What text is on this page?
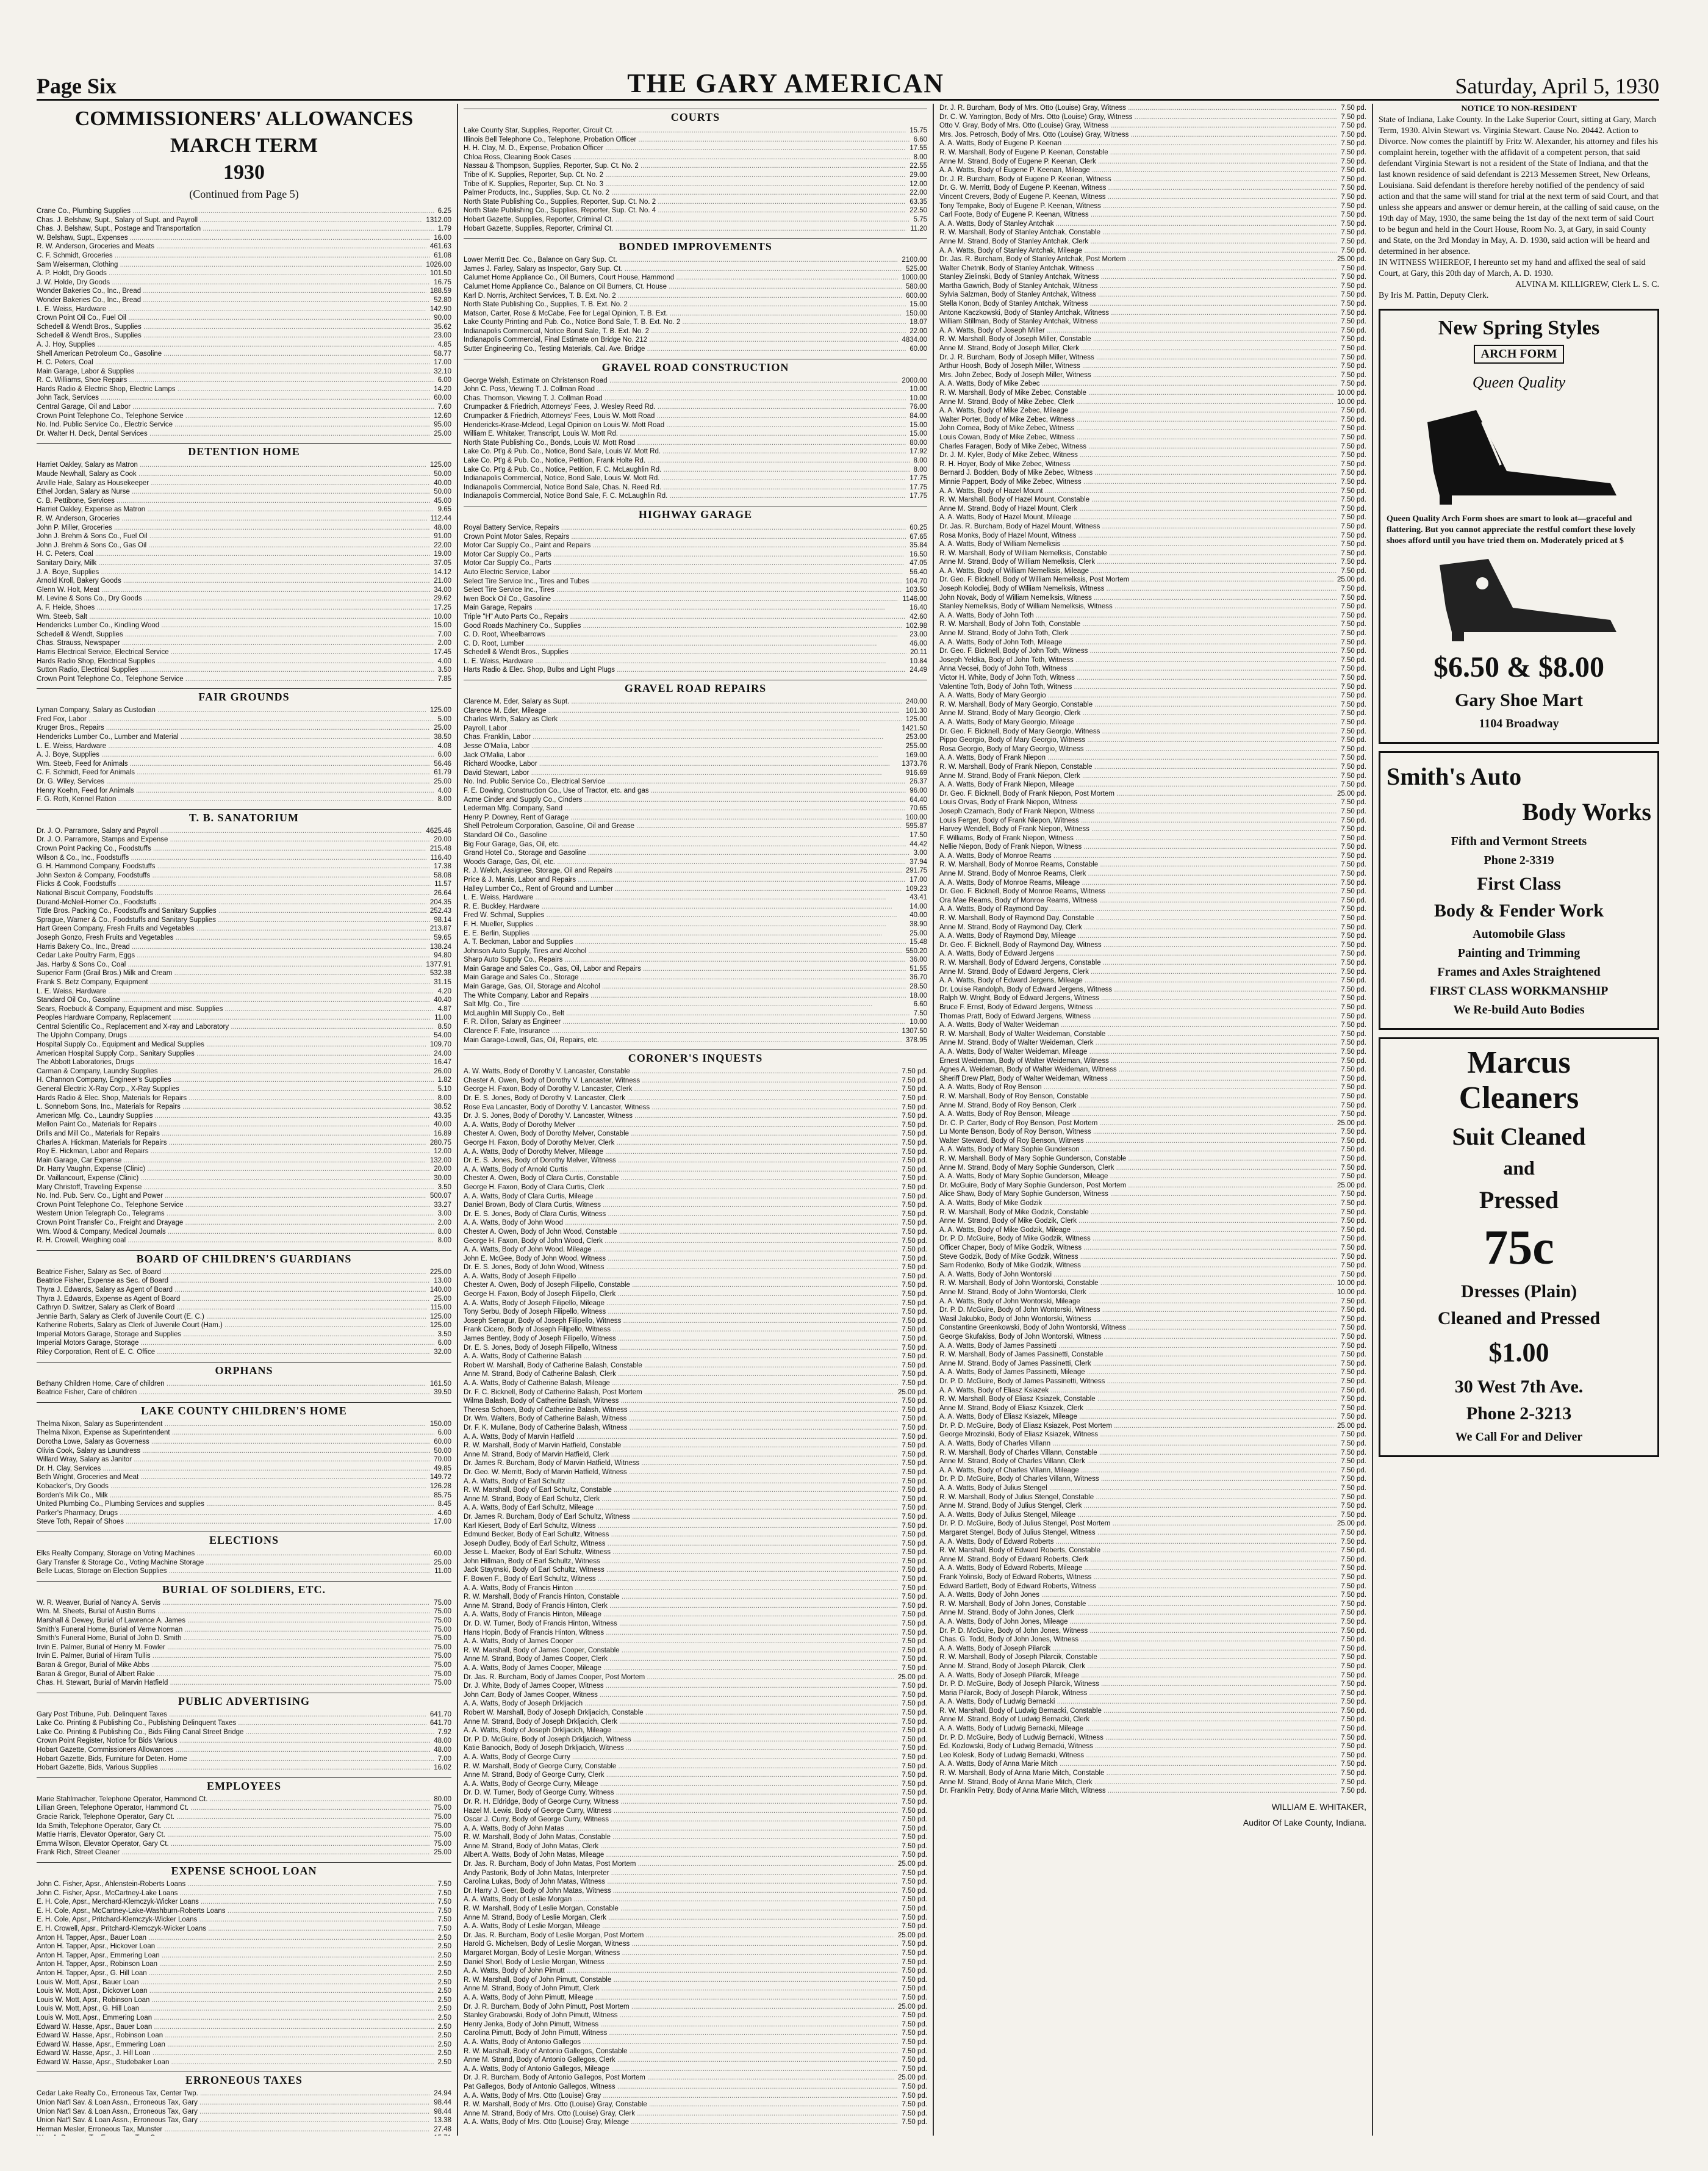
Page Six	THE GARY AMERICAN	Saturday, April 5, 1930
COMMISSIONERS' ALLOWANCES
MARCH TERM
1930
(Continued from Page 5)
Crane Co., Plumbing Supplies .....	6.25
Chas. J. Belshaw, Supt., Salary of Supt. and Payroll .....	1312.00
Chas. J. Belshaw, Supt., Postage and Transportation .....	1.79
W. Belshaw, Supt., Expenses .....	16.00
R. W. Anderson, Groceries and Meats .....	461.63
C. F. Schmidt, Groceries .....	61.08
Sam Weiserman, Clothing .....	1026.00
A. P. Holdt, Dry Goods .....	101.50
J. W. Holde, Dry Goods .....	16.75
Wonder Bakeries Co., Inc., Bread .....	188.59
Wonder Bakeries Co., Inc., Bread .....	52.80
L. E. Weiss, Hardware .....	142.90
Crown Point Oil Co., Fuel Oil .....	90.00
Schedell & Wendt Bros., Supplies .....	35.62
Schedell & Wendt Bros., Supplies .....	23.00
A. J. Hoy, Supplies .....	4.85
Shell American Petroleum Co., Gasoline .....	58.77
H. C. Peters, Coal .....	17.00
Main Garage, Labor & Supplies .....	32.10
R. C. Williams, Shoe Repairs .....	6.00
Hards Radio & Electric Shop, Electric Lamps .....	14.20
John Tack, Services .....	60.00
Central Garage, Oil and Labor .....	7.60
Crown Point Telephone Co., Telephone Service .....	12.60
No. Ind. Public Service Co., Electric Service .....	95.00
Dr. Walter H. Deck, Dental Services .....	25.00
DETENTION HOME
Harriet Oakley, Salary as Matron .....	125.00
Maude Newhall, Salary as Cook .....	50.00
Arville Hale, Salary as Housekeeper .....	40.00
Ethel Jordan, Salary as Nurse .....	50.00
C. B. Pettibone, Services .....	45.00
Harriet Oakley, Expense as Matron .....	9.65
R. W. Anderson, Groceries .....	112.44
John P. Miller, Groceries .....	48.00
John J. Brehm & Sons Co., Fuel Oil .....	91.00
John J. Brehm & Sons Co., Gas Oil .....	22.00
H. C. Peters, Coal .....	19.00
Sanitary Dairy, Milk .....	37.05
J. A. Boye, Supplies .....	14.12
Arnold Kroll, Bakery Goods .....	21.00
Glenn W. Holt, Meat .....	34.00
M. Levine & Sons Co., Dry Goods .....	29.62
A. F. Heide, Shoes .....	17.25
Wm. Steeb, Salt .....	10.00
Hendericks Lumber Co., Kindling Wood .....	15.00
Schedell & Wendt, Supplies .....	7.00
Chas. Strauss, Newspaper .....	2.00
Harris Electrical Service, Electrical Service .....	17.45
Hards Radio Shop, Electrical Supplies .....	4.00
Sutton Radio, Electrical Supplies .....	3.50
Crown Point Telephone Co., Telephone Service .....	7.85
FAIR GROUNDS
Lyman Company, Salary as Custodian .....	125.00
Fred Fox, Labor .....	5.00
Kruger Bros., Repairs .....	25.00
Hendericks Lumber Co., Lumber and Material .....	38.50
L. E. Weiss, Hardware .....	4.08
A. J. Boye, Supplies .....	6.00
Wm. Steeb, Feed for Animals .....	56.46
C. F. Schmidt, Feed for Animals .....	61.79
Dr. G. Wiley, Services .....	25.00
Henry Koehn, Feed for Animals .....	4.00
F. G. Roth, Kennel Ration .....	8.00
T. B. SANATORIUM
Dr. J. O. Parramore, Salary and Payroll .....	4625.46
Dr. J. O. Parramore, Stamps and Expense .....	20.00
Crown Point Packing Co., Foodstuffs .....	215.48
Wilson & Co., Inc., Foodstuffs .....	116.40
G. H. Hammond Company, Foodstuffs .....	17.38
John Sexton & Company, Foodstuffs .....	58.08
Flicks & Cook, Foodstuffs .....	11.57
National Biscuit Company, Foodstuffs .....	26.64
Durand-McNeil-Horner Co., Foodstuffs .....	204.35
Tittle Bros. Packing Co., Foodstuffs and Sanitary Supplies .....	252.43
Sprague, Warner & Co., Foodstuffs and Sanitary Supplies .....	98.14
Hart Green Company, Fresh Fruits and Vegetables .....	213.87
Joseph Gonzo, Fresh Fruits and Vegetables .....	59.65
Harris Bakery Co., Inc., Bread .....	138.24
Cedar Lake Poultry Farm, Eggs .....	94.80
Jas. Harby & Sons Co., Coal .....	1377.91
Superior Farm (Grail Bros.) Milk and Cream .....	532.38
Frank S. Betz Company, Equipment .....	31.15
L. E. Weiss, Hardware .....	4.20
Standard Oil Co., Gasoline .....	40.40
Sears, Roebuck & Company, Equipment and misc. Supplies .....	4.87
Peoples Hardware Company, Replacement .....	11.00
Central Scientific Co., Replacement and X-ray and Laboratory .....	8.50
The Upjohn Company, Drugs .....	54.00
Hospital Supply Co., Equipment and Medical Supplies .....	109.70
American Hospital Supply Corp., Sanitary Supplies .....	24.00
The Abbott Laboratories, Drugs .....	16.47
Carman & Company, Laundry Supplies .....	26.00
H. Channon Company, Engineer's Supplies .....	1.82
General Electric X-Ray Corp., X-Ray Supplies .....	5.10
Hards Radio & Elec. Shop, Materials for Repairs .....	8.00
L. Sonneborn Sons, Inc., Materials for Repairs .....	38.52
American Mfg. Co., Laundry Supplies .....	43.35
Mellon Paint Co., Materials for Repairs .....	40.00
Drills and Mill Co., Materials for Repairs .....	16.89
Charles A. Hickman, Materials for Repairs .....	280.75
Roy E. Hickman, Labor and Repairs .....	12.00
Main Garage, Car Expense .....	132.00
Dr. Harry Vaughn, Expense (Clinic) .....	20.00
Dr. Vaillancourt, Expense (Clinic) .....	30.00
Mary Christoff, Traveling Expense .....	3.50
No. Ind. Pub. Serv. Co., Light and Power .....	500.07
Crown Point Telephone Co., Telephone Service .....	33.27
Western Union Telegraph Co., Telegrams .....	3.00
Crown Point Transfer Co., Freight and Drayage .....	2.00
Wm. Wood & Company, Medical Journals .....	8.00
R. H. Crowell, Weighing coal .....	8.00
BOARD OF CHILDREN'S GUARDIANS
Beatrice Fisher, Salary as Sec. of Board .....	225.00
Beatrice Fisher, Expense as Sec. of Board .....	13.00
Thyra J. Edwards, Salary as Agent of Board .....	140.00
Thyra J. Edwards, Expense as Agent of Board .....	25.00
Cathryn D. Switzer, Salary as Clerk of Board .....	115.00
Jennie Barth, Salary as Clerk of Juvenile Court (E. C.) .....	125.00
Katherine Roberts, Salary as Clerk of Juvenile Court (Ham.) .....	125.00
Imperial Motors Garage, Storage and Supplies .....	3.50
Imperial Motors Garage, Storage .....	6.00
Riley Corporation, Rent of E. C. Office .....	32.00
ORPHANS
Bethany Children Home, Care of children .....	161.50
Beatrice Fisher, Care of children .....	39.50
LAKE COUNTY CHILDREN'S HOME
Thelma Nixon, Salary as Superintendent .....	150.00
Thelma Nixon, Expense as Superintendent .....	6.00
Dorotha Lowe, Salary as Governess .....	60.00
Olivia Cook, Salary as Laundress .....	50.00
Willard Wray, Salary as Janitor .....	70.00
Dr. H. Clay, Services .....	49.85
Beth Wright, Groceries and Meat .....	149.72
Kobacker's, Dry Goods .....	126.28
Borden's Milk Co., Milk .....	85.75
United Plumbing Co., Plumbing Services and supplies .....	8.45
Parker's Pharmacy, Drugs .....	4.60
Steve Toth, Repair of Shoes .....	17.00
ELECTIONS
Elks Realty Company, Storage on Voting Machines .....	60.00
Gary Transfer & Storage Co., Voting Machine Storage .....	25.00
Belle Lucas, Storage on Election Supplies .....	11.00
BURIAL OF SOLDIERS, ETC.
W. R. Weaver, Burial of Nancy A. Servis .....	75.00
Wm. M. Sheets, Burial of Austin Burns .....	75.00
Marshall & Dewey, Burial of Lawrence A. James .....	75.00
Smith's Funeral Home, Burial of Verne Norman .....	75.00
Smith's Funeral Home, Burial of John D. Smith .....	75.00
Irvin E. Palmer, Burial of Henry M. Fowler .....	75.00
Irvin E. Palmer, Burial of Hiram Tullis .....	75.00
Baran & Gregor, Burial of Mike Abbs .....	75.00
Baran & Gregor, Burial of Albert Rakie .....	75.00
Chas. H. Stewart, Burial of Marvin Hatfield .....	75.00
PUBLIC ADVERTISING
Gary Post Tribune, Pub. Delinquent Taxes .....	641.70
Lake Co. Printing & Publishing Co., Publishing Delinquent Taxes .....	641.70
Lake Co. Printing & Publishing Co., Bids Filing Canal Street Bridge .....	7.92
Crown Point Register, Notice for Bids Various .....	48.00
Hobart Gazette, Commissioners Allowances .....	48.00
Hobart Gazette, Bids, Furniture for Deten. Home .....	7.00
Hobart Gazette, Bids, Various Supplies .....	16.02
EMPLOYEES
Marie Stahlmacher, Telephone Operator, Hammond Ct. .....	80.00
Lillian Green, Telephone Operator, Hammond Ct. .....	75.00
Gracie Rarick, Telephone Operator, Gary Ct. .....	75.00
Ida Smith, Telephone Operator, Gary Ct. .....	75.00
Mattie Harris, Elevator Operator, Gary Ct. .....	75.00
Emma Wilson, Elevator Operator, Gary Ct. .....	75.00
Frank Rich, Street Cleaner .....	25.00
EXPENSE SCHOOL LOAN
John C. Fisher, Apsr., Ahlenstein-Roberts Loans .....	7.50
John C. Fisher, Apsr., McCartney-Lake Loans .....	7.50
E. H. Cole, Apsr., Merchard-Klemczyk-Wicker Loans .....	7.50
E. H. Cole, Apsr., McCartney-Lake-Washburn-Roberts Loans .....	7.50
E. H. Cole, Apsr., Pritchard-Klemczyk-Wicker Loans .....	7.50
E. H. Crowell, Apsr., Pritchard-Klemczyk-Wicker Loans .....	7.50
Anton H. Tapper, Apsr., Bauer Loan .....	2.50
Anton H. Tapper, Apsr., Hickover Loan .....	2.50
Anton H. Tapper, Apsr., Emmering Loan .....	2.50
Anton H. Tapper, Apsr., Robinson Loan .....	2.50
Anton H. Tapper, Apsr., G. Hill Loan .....	2.50
Louis W. Mott, Apsr., Bauer Loan .....	2.50
Louis W. Mott, Apsr., Dickover Loan .....	2.50
Louis W. Mott, Apsr., Robinson Loan .....	2.50
Louis W. Mott, Apsr., G. Hill Loan .....	2.50
Louis W. Mott, Apsr., Emmering Loan .....	2.50
Edward W. Hasse, Apsr., Bauer Loan .....	2.50
Edward W. Hasse, Apsr., Robinson Loan .....	2.50
Edward W. Hasse, Apsr., Emmering Loan .....	2.50
Edward W. Hasse, Apsr., J. Hill Loan .....	2.50
Edward W. Hasse, Apsr., Studebaker Loan .....	2.50
ERRONEOUS TAXES
Cedar Lake Realty Co., Erroneous Tax, Center Twp. .....	24.94
Union Nat'l Sav. & Loan Assn., Erroneous Tax, Gary .....	98.44
Union Nat'l Sav. & Loan Assn., Erroneous Tax, Gary .....	98.44
Union Nat'l Sav. & Loan Assn., Erroneous Tax, Gary .....	13.38
Herman Mesler, Erroneous Tax, Munster .....	27.48
.....
COURTS
Lake County Star, Supplies, Reporter, Circuit Ct. .....	15.75
Illinois Bell Telephone Co., Telephone, Probation Officer .....	6.60
H. H. Clay, M. D., Expense, Probation Officer .....	17.55
Chloa Ross, Cleaning Book Cases .....	8.00
Nassau & Thompson, Supplies, Reporter, Sup. Ct. No. 2 .....	22.55
Tribe of K. Supplies, Reporter, Sup. Ct. No. 2 .....	29.00
Tribe of K. Supplies, Reporter, Sup. Ct. No. 3 .....	12.00
Palmer Products, Inc., Supplies, Sup. Ct. No. 2 .....	22.00
North State Publishing Co., Supplies, Reporter, Sup. Ct. No. 2 .....	63.35
North State Publishing Co., Supplies, Reporter, Sup. Ct. No. 4 .....	22.50
Hobart Gazette, Supplies, Reporter, Criminal Ct. .....	5.75
Hobart Gazette, Supplies, Reporter, Criminal Ct. .....	11.20
BONDED IMPROVEMENTS
Lower Merritt Dec. Co., Balance on Gary Sup. Ct. .....	2100.00
James J. Farley, Salary as Inspector, Gary Sup. Ct. .....	525.00
Calumet Home Appliance Co., Oil Burners, Court House, Hammond .....	1000.00
Calumet Home Appliance Co., Balance on Oil Burners, Ct. House .....	580.00
Karl D. Norris, Architect Services, T. B. Ext. No. 2 .....	600.00
North State Publishing Co., Supplies, T. B. Ext. No. 2 .....	15.00
Matson, Carter, Rose & McCabe, Fee for Legal Opinion, T. B. Ext. .....	150.00
Lake County Printing and Pub. Co., Notice Bond Sale, T. B. Ext. No. 2 .....	18.07
Indianapolis Commercial, Notice Bond Sale, T. B. Ext. No. 2 .....	22.00
Indianapolis Commercial, Final Estimate on Bridge No. 212 .....	4834.00
Sutter Engineering Co., Testing Materials, Cal. Ave. Bridge .....	60.00
GRAVEL ROAD CONSTRUCTION
George Welsh, Estimate on Christenson Road .....	2000.00
John C. Poss, Viewing T. J. Collman Road .....	10.00
Chas. Thomson, Viewing T. J. Collman Road .....	10.00
Crumpacker & Friedrich, Attorneys' Fees, J. Wesley Reed Rd. .....	76.00
Crumpacker & Friedrich, Attorneys' Fees, Louis W. Mott Road .....	84.00
Hendericks-Krase-Mcleod, Legal Opinion on Louis W. Mott Road .....	15.00
William E. Whitaker, Transcript, Louis W. Mott Rd. .....	15.00
North State Publishing Co., Bonds, Louis W. Mott Road .....	80.00
Lake Co. Pt'g & Pub. Co., Notice, Bond Sale, Louis W. Mott Rd. .....	17.92
Lake Co. Pt'g & Pub. Co., Notice, Petition, Frank Holte Rd. .....	8.00
Lake Co. Pt'g & Pub. Co., Notice, Petition, F. C. McLaughlin Rd. .....	8.00
Indianapolis Commercial, Notice, Bond Sale, Louis W. Mott Rd. .....	17.75
Indianapolis Commercial, Notice Bond Sale, Chas. N. Reed Rd. .....	17.75
Indianapolis Commercial, Notice Bond Sale, F. C. McLaughlin Rd. .....	17.75
HIGHWAY GARAGE
Royal Battery Service, Repairs .....	60.25
Crown Point Motor Sales, Repairs .....	67.65
Motor Car Supply Co., Paint and Repairs .....	35.84
Motor Car Supply Co., Parts .....	16.50
Motor Car Supply Co., Parts .....	47.05
Auto Electric Service, Labor .....	56.40
Select Tire Service Inc., Tires and Tubes .....	104.70
Select Tire Service Inc., Tires .....	103.50
Iwen Bock Oil Co., Gasoline .....	1146.00
Main Garage, Repairs .....	16.40
Triple "H" Auto Parts Co., Repairs .....	42.60
Good Roads Machinery Co., Supplies .....	102.98
C. D. Root, Wheelbarrows .....	23.00
C. D. Root, Lumber .....	46.00
Schedell & Wendt Bros., Supplies .....	20.11
L. E. Weiss, Hardware .....	10.84
Harts Radio & Elec. Shop, Bulbs and Light Plugs .....	24.49
GRAVEL ROAD REPAIRS
Clarence M. Eder, Salary as Supt. .....	240.00
Clarence M. Eder, Mileage .....	101.30
Charles Wirth, Salary as Clerk .....	125.00
Payroll, Labor .....	1421.50
Chas. Franklin, Labor .....	253.00
Jesse O'Malia, Labor .....	255.00
Jack O'Malia, Labor .....	169.00
Richard Woodke, Labor .....	1373.76
David Stewart, Labor .....	916.69
No. Ind. Public Service Co., Electrical Service .....	26.37
F. E. Dowing, Construction Co., Use of Tractor, etc. and gas .....	96.00
Acme Cinder and Supply Co., Cinders .....	64.40
Lederman Mfg. Company, Sand .....	70.65
Henry P. Downey, Rent of Garage .....	100.00
Shell Petroleum Corporation, Gasoline, Oil and Grease .....	595.87
Standard Oil Co., Gasoline .....	17.50
Big Four Garage, Gas, Oil, etc. .....	44.42
Grand Hotel Co., Storage and Gasoline .....	3.00
Woods Garage, Gas, Oil, etc. .....	37.94
R. J. Welch, Assignee, Storage, Oil and Repairs .....	291.75
Price & J. Manis, Labor and Repairs .....	17.00
Halley Lumber Co., Rent of Ground and Lumber .....	109.23
L. E. Weiss, Hardware .....	43.41
R. E. Buckley, Hardware .....	14.00
Fred W. Schmal, Supplies .....	40.00
F. H. Mueller, Supplies .....	38.90
E. E. Berlin, Supplies .....	25.00
A. T. Beckman, Labor and Supplies .....	15.48
Johnson Auto Supply, Tires and Alcohol .....	550.20
Sharp Auto Supply Co., Repairs .....	36.00
Main Garage and Sales Co., Gas, Oil, Labor and Repairs .....	51.55
Main Garage and Sales Co., Storage .....	36.70
Main Garage, Gas, Oil, Storage and Alcohol .....	28.50
The White Company, Labor and Repairs .....	18.00
Salt Mfg. Co., Tire .....	6.60
McLaughlin Mill Supply Co., Belt .....	7.50
F. R. Dillon, Salary as Engineer .....	10.00
Clarence F. Fate, Insurance .....	1307.50
Main Garage-Lowell, Gas, Oil, Repairs, etc. .....	378.95
CORONER'S INQUESTS
A. W. Watts, Body of Dorothy V. Lancaster, Constable .....	7.50 pd.
Chester A. Owen, Body of Dorothy V. Lancaster, Witness .....	7.50 pd.
George H. Faxon, Body of Dorothy V. Lancaster, Clerk .....	7.50 pd.
Dr. E. S. Jones, Body of Dorothy V. Lancaster, Clerk .....	7.50 pd.
Rose Eva Lancaster, Body of Dorothy V. Lancaster, Witness .....	7.50 pd.
Dr. J. S. Jones, Body of Dorothy V. Lancaster, Witness .....	7.50 pd.
A. A. Watts, Body of Dorothy Melver .....	7.50 pd.
Chester A. Owen, Body of Dorothy Melver, Constable .....	7.50 pd.
George H. Faxon, Body of Dorothy Melver, Clerk .....	7.50 pd.
A. A. Watts, Body of Dorothy Melver, Mileage .....	7.50 pd.
Dr. E. S. Jones, Body of Dorothy Melver, Witness .....	7.50 pd.
A. A. Watts, Body of Arnold Curtis .....	7.50 pd.
Chester A. Owen, Body of Clara Curtis, Constable .....	7.50 pd.
George H. Faxon, Body of Clara Curtis, Clerk .....	7.50 pd.
A. A. Watts, Body of Clara Curtis, Mileage .....	7.50 pd.
Daniel Brown, Body of Clara Curtis, Witness .....	7.50 pd.
Dr. E. S. Jones, Body of Clara Curtis, Witness .....	7.50 pd.
A. A. Watts, Body of John Wood .....	7.50 pd.
Chester A. Owen, Body of John Wood, Constable .....	7.50 pd.
George H. Faxon, Body of John Wood, Clerk .....	7.50 pd.
A. A. Watts, Body of John Wood, Mileage .....	7.50 pd.
John E. McGee, Body of John Wood, Witness .....	7.50 pd.
Dr. E. S. Jones, Body of John Wood, Witness .....	7.50 pd.
A. A. Watts, Body of Joseph Filipello .....	7.50 pd.
Chester A. Owen, Body of Joseph Filipello, Constable .....	7.50 pd.
George H. Faxon, Body of Joseph Filipello, Clerk .....	7.50 pd.
A. A. Watts, Body of Joseph Filipello, Mileage .....	7.50 pd.
Tony Serbu, Body of Joseph Filipello, Witness .....	7.50 pd.
Joseph Senagur, Body of Joseph Filipello, Witness .....	7.50 pd.
Frank Cicero, Body of Joseph Filipello, Witness .....	7.50 pd.
James Bentley, Body of Joseph Filipello, Witness .....	7.50 pd.
Dr. E. S. Jones, Body of Joseph Filipello, Witness .....	7.50 pd.
A. A. Watts, Body of Catherine Balash .....	7.50 pd.
Robert W. Marshall, Body of Catherine Balash, Constable .....	7.50 pd.
Anne M. Strand, Body of Catherine Balash, Clerk .....	7.50 pd.
A. A. Watts, Body of Catherine Balash, Mileage .....	7.50 pd.
Dr. F. C. Bicknell, Body of Catherine Balash, Post Mortem .....	25.00 pd.
Wilma Balash, Body of Catherine Balash, Witness .....	7.50 pd.
Theresa Schoen, Body of Catherine Balash, Witness .....	7.50 pd.
Dr. Wm. Walters, Body of Catherine Balash, Witness .....	7.50 pd.
Dr. F. K. Mullane, Body of Catherine Balash, Witness .....	7.50 pd.
A. A. Watts, Body of Marvin Hatfield .....	7.50 pd.
R. W. Marshall, Body of Marvin Hatfield, Constable .....	7.50 pd.
Anne M. Strand, Body of Marvin Hatfield, Clerk .....	7.50 pd.
Dr. James R. Burcham, Body of Marvin Hatfield, Witness .....	7.50 pd.
Dr. Geo. W. Merritt, Body of Marvin Hatfield, Witness .....	7.50 pd.
A. A. Watts, Body of Earl Schultz .....	7.50 pd.
R. W. Marshall, Body of Earl Schultz, Constable .....	7.50 pd.
Anne M. Strand, Body of Earl Schultz, Clerk .....	7.50 pd.
A. A. Watts, Body of Earl Schultz, Mileage .....	7.50 pd.
Dr. James R. Burcham, Body of Earl Schultz, Witness .....	7.50 pd.
Karl Kiesert, Body of Earl Schultz, Witness .....	7.50 pd.
Edmund Becker, Body of Earl Schultz, Witness .....	7.50 pd.
Joseph Dudley, Body of Earl Schultz, Witness .....	7.50 pd.
Jesse L. Maeker, Body of Earl Schultz, Witness .....	7.50 pd.
John Hillman, Body of Earl Schultz, Witness .....	7.50 pd.
Jack Staytnski, Body of Earl Schultz, Witness .....	7.50 pd.
F. Bowen F., Body of Earl Schultz, Witness .....	7.50 pd.
A. A. Watts, Body of Francis Hinton .....	7.50 pd.
R. W. Marshall, Body of Francis Hinton, Constable .....	7.50 pd.
Anne M. Strand, Body of Francis Hinton, Clerk .....	7.50 pd.
A. A. Watts, Body of Francis Hinton, Mileage .....	7.50 pd.
Dr. D. W. Turner, Body of Francis Hinton, Witness .....	7.50 pd.
Hans Hopin, Body of Francis Hinton, Witness .....	7.50 pd.
A. A. Watts, Body of James Cooper .....	7.50 pd.
R. W. Marshall, Body of James Cooper, Constable .....	7.50 pd.
Anne M. Strand, Body of James Cooper, Clerk .....	7.50 pd.
A. A. Watts, Body of James Cooper, Mileage .....	7.50 pd.
Dr. Jas. R. Burcham, Body of James Cooper, Post Mortem .....	25.00 pd.
Dr. J. White, Body of James Cooper, Witness .....	7.50 pd.
John Carr, Body of James Cooper, Witness .....	7.50 pd.
A. A. Watts, Body of Joseph Drkljacich .....	7.50 pd.
Robert W. Marshall, Body of Joseph Drkljacich, Constable .....	7.50 pd.
Anne M. Strand, Body of Joseph Drkljacich, Clerk .....	7.50 pd.
A. A. Watts, Body of Joseph Drkljacich, Mileage .....	7.50 pd.
Dr. P. D. McGuire, Body of Joseph Drkljacich, Witness .....	7.50 pd.
Katie Banocich, Body of Joseph Drkljacich, Witness .....	7.50 pd.
A. A. Watts, Body of George Curry .....	7.50 pd.
R. W. Marshall, Body of George Curry, Constable .....	7.50 pd.
Anne M. Strand, Body of George Curry, Clerk .....	7.50 pd.
A. A. Watts, Body of George Curry, Mileage .....	7.50 pd.
Dr. D. W. Turner, Body of George Curry, Witness .....	7.50 pd.
Dr. R. H. Eldridge, Body of George Curry, Witness .....	7.50 pd.
Hazel M. Lewis, Body of George Curry, Witness .....	7.50 pd.
Oscar J. Curry, Body of George Curry, Witness .....	7.50 pd.
A. A. Watts, Body of John Matas .....	7.50 pd.
R. W. Marshall, Body of John Matas, Constable .....	7.50 pd.
Anne M. Strand, Body of John Matas, Clerk .....	7.50 pd.
Albert A. Watts, Body of John Matas, Mileage .....	7.50 pd.
Dr. Jas. R. Burcham, Body of John Matas, Post Mortem .....	25.00 pd.
Andy Pastorik, Body of John Matas, Interpreter .....	7.50 pd.
Carolina Lukas, Body of John Matas, Witness .....	7.50 pd.
Dr. Harry J. Geer, Body of John Matas, Witness .....	7.50 pd.
A. A. Watts, Body of Leslie Morgan .....	7.50 pd.
R. W. Marshall, Body of Leslie Morgan, Constable .....	7.50 pd.
Anne M. Strand, Body of Leslie Morgan, Clerk .....	7.50 pd.
A. A. Watts, Body of Leslie Morgan, Mileage .....	7.50 pd.
Dr. Jas. R. Burcham, Body of Leslie Morgan, Post Mortem .....	25.00 pd.
Harold G. Michelsen, Body of Leslie Morgan, Witness .....	7.50 pd.
Margaret Morgan, Body of Leslie Morgan, Witness .....	7.50 pd.
Daniel Shorl, Body of Leslie Morgan, Witness .....	7.50 pd.
A. A. Watts, Body of John Pimutt .....	7.50 pd.
R. W. Marshall, Body of John Pimutt, Constable .....	7.50 pd.
Anne M. Strand, Body of John Pimutt, Clerk .....	7.50 pd.
A. A. Watts, Body of John Pimutt, Mileage .....	7.50 pd.
Dr. J. R. Burcham, Body of John Pimutt, Post Mortem .....	25.00 pd.
Stanley Grabowski, Body of John Pimutt, Witness .....	7.50 pd.
Henry Jenka, Body of John Pimutt, Witness .....	7.50 pd.
Carolina Pimutt, Body of John Pimutt, Witness .....	7.50 pd.
A. A. Watts, Body of Antonio Gallegos .....	7.50 pd.
R. W. Marshall, Body of Antonio Gallegos, Constable .....	7.50 pd.
Anne M. Strand, Body of Antonio Gallegos, Clerk .....	7.50 pd.
A. A. Watts, Body of Antonio Gallegos, Mileage .....	7.50 pd.
Dr. J. R. Burcham, Body of Antonio Gallegos, Post Mortem .....	25.00 pd.
Pat Gallegos, Body of Antonio Gallegos, Witness .....	7.50 pd.
A. A. Watts, Body of Mrs. Otto (Louise) Gray .....	7.50 pd.
R. W. Marshall, Body of Mrs. Otto (Louise) Gray, Constable .....	7.50 pd.
Anne M. Strand, Body of Mrs. Otto (Louise) Gray, Clerk .....	7.50 pd.
A. A. Watts, Body of Mrs. Otto (Louise) Gray, Mileage .....	7.50 pd.
Dr. J. R. Burcham, Body of Mrs. Otto (Louise) Gray, Witness .....	7.50 pd.
Dr. C. W. Yarrington, Body of Mrs. Otto (Louise) Gray, Witness .....	7.50 pd.
Otto V. Gray, Body of Mrs. Otto (Louise) Gray, Witness .....	7.50 pd.
Mrs. Jos. Petrosch, Body of Mrs. Otto (Louise) Gray, Witness .....	7.50 pd.
A. A. Watts, Body of Eugene P. Keenan .....	7.50 pd.
R. W. Marshall, Body of Eugene P. Keenan, Constable .....	7.50 pd.
Anne M. Strand, Body of Eugene P. Keenan, Clerk .....	7.50 pd.
A. A. Watts, Body of Eugene P. Keenan, Mileage .....	7.50 pd.
Dr. J. R. Burcham, Body of Eugene P. Keenan, Witness .....	7.50 pd.
Dr. G. W. Merritt, Body of Eugene P. Keenan, Witness .....	7.50 pd.
Vincent Crevers, Body of Eugene P. Keenan, Witness .....	7.50 pd.
Tony Tempake, Body of Eugene P. Keenan, Witness .....	7.50 pd.
Carl Foote, Body of Eugene P. Keenan, Witness .....	7.50 pd.
A. A. Watts, Body of Stanley Antchak .....	7.50 pd.
R. W. Marshall, Body of Stanley Antchak, Constable .....	7.50 pd.
Anne M. Strand, Body of Stanley Antchak, Clerk .....	7.50 pd.
A. A. Watts, Body of Stanley Antchak, Mileage .....	7.50 pd.
Dr. Jas. R. Burcham, Body of Stanley Antchak, Post Mortem .....	25.00 pd.
Walter Chetnik, Body of Stanley Antchak, Witness .....	7.50 pd.
Stanley Zielinski, Body of Stanley Antchak, Witness .....	7.50 pd.
Martha Gawrich, Body of Stanley Antchak, Witness .....	7.50 pd.
Sylvia Salzman, Body of Stanley Antchak, Witness .....	7.50 pd.
Stella Konon, Body of Stanley Antchak, Witness .....	7.50 pd.
Antone Kaczkowski, Body of Stanley Antchak, Witness .....	7.50 pd.
William Stillman, Body of Stanley Antchak, Witness .....	7.50 pd.
A. A. Watts, Body of Joseph Miller .....	7.50 pd.
R. W. Marshall, Body of Joseph Miller, Constable .....	7.50 pd.
Anne M. Strand, Body of Joseph Miller, Clerk .....	7.50 pd.
Dr. J. R. Burcham, Body of Joseph Miller, Witness .....	7.50 pd.
Arthur Hoosh, Body of Joseph Miller, Witness .....	7.50 pd.
Mrs. John Zebec, Body of Joseph Miller, Witness .....	7.50 pd.
A. A. Watts, Body of Mike Zebec .....	7.50 pd.
R. W. Marshall, Body of Mike Zebec, Constable .....	10.00 pd.
Anne M. Strand, Body of Mike Zebec, Clerk .....	10.00 pd.
A. A. Watts, Body of Mike Zebec, Mileage .....	7.50 pd.
Walter Porter, Body of Mike Zebec, Witness .....	7.50 pd.
John Cornea, Body of Mike Zebec, Witness .....	7.50 pd.
Louis Cowan, Body of Mike Zebec, Witness .....	7.50 pd.
Charles Faragen, Body of Mike Zebec, Witness .....	7.50 pd.
Dr. J. M. Kyler, Body of Mike Zebec, Witness .....	7.50 pd.
R. H. Hoyer, Body of Mike Zebec, Witness .....	7.50 pd.
Bernard J. Bodden, Body of Mike Zebec, Witness .....	7.50 pd.
Minnie Pappert, Body of Mike Zebec, Witness .....	7.50 pd.
A. A. Watts, Body of Hazel Mount .....	7.50 pd.
R. W. Marshall, Body of Hazel Mount, Constable .....	7.50 pd.
Anne M. Strand, Body of Hazel Mount, Clerk .....	7.50 pd.
A. A. Watts, Body of Hazel Mount, Mileage .....	7.50 pd.
Dr. Jas. R. Burcham, Body of Hazel Mount, Witness .....	7.50 pd.
Rosa Monks, Body of Hazel Mount, Witness .....	7.50 pd.
A. A. Watts, Body of William Nemelksis .....	7.50 pd.
R. W. Marshall, Body of William Nemelksis, Constable .....	7.50 pd.
Anne M. Strand, Body of William Nemelksis, Clerk .....	7.50 pd.
A. A. Watts, Body of William Nemelksis, Mileage .....	7.50 pd.
Dr. Geo. F. Bicknell, Body of William Nemelksis, Post Mortem .....	25.00 pd.
Joseph Kolodiej, Body of William Nemelksis, Witness .....	7.50 pd.
John Novak, Body of William Nemelksis, Witness .....	7.50 pd.
Stanley Nemelksis, Body of William Nemelksis, Witness .....	7.50 pd.
A. A. Watts, Body of John Toth .....	7.50 pd.
R. W. Marshall, Body of John Toth, Constable .....	7.50 pd.
Anne M. Strand, Body of John Toth, Clerk .....	7.50 pd.
A. A. Watts, Body of John Toth, Mileage .....	7.50 pd.
Dr. Geo. F. Bicknell, Body of John Toth, Witness .....	7.50 pd.
Joseph Yeldka, Body of John Toth, Witness .....	7.50 pd.
Anna Vecsei, Body of John Toth, Witness .....	7.50 pd.
Victor H. White, Body of John Toth, Witness .....	7.50 pd.
Valentine Toth, Body of John Toth, Witness .....	7.50 pd.
A. A. Watts, Body of Mary Georgio .....	7.50 pd.
R. W. Marshall, Body of Mary Georgio, Constable .....	7.50 pd.
Anne M. Strand, Body of Mary Georgio, Clerk .....	7.50 pd.
A. A. Watts, Body of Mary Georgio, Mileage .....	7.50 pd.
Dr. Geo. F. Bicknell, Body of Mary Georgio, Witness .....	7.50 pd.
Pippo Georgio, Body of Mary Georgio, Witness .....	7.50 pd.
Rosa Georgio, Body of Mary Georgio, Witness .....	7.50 pd.
A. A. Watts, Body of Frank Niepon .....	7.50 pd.
R. W. Marshall, Body of Frank Niepon, Constable .....	7.50 pd.
Anne M. Strand, Body of Frank Niepon, Clerk .....	7.50 pd.
A. A. Watts, Body of Frank Niepon, Mileage .....	7.50 pd.
Dr. Geo. F. Bicknell, Body of Frank Niepon, Post Mortem .....	25.00 pd.
Louis Orvas, Body of Frank Niepon, Witness .....	7.50 pd.
Joseph Czarnach, Body of Frank Niepon, Witness .....	7.50 pd.
Louis Ferger, Body of Frank Niepon, Witness .....	7.50 pd.
Harvey Wendell, Body of Frank Niepon, Witness .....	7.50 pd.
F. Williams, Body of Frank Niepon, Witness .....	7.50 pd.
Nellie Niepon, Body of Frank Niepon, Witness .....	7.50 pd.
A. A. Watts, Body of Monroe Reams .....	7.50 pd.
R. W. Marshall, Body of Monroe Reams, Constable .....	7.50 pd.
Anne M. Strand, Body of Monroe Reams, Clerk .....	7.50 pd.
A. A. Watts, Body of Monroe Reams, Mileage .....	7.50 pd.
Dr. Geo. F. Bicknell, Body of Monroe Reams, Witness .....	7.50 pd.
Ora Mae Reams, Body of Monroe Reams, Witness .....	7.50 pd.
A. A. Watts, Body of Raymond Day .....	7.50 pd.
R. W. Marshall, Body of Raymond Day, Constable .....	7.50 pd.
Anne M. Strand, Body of Raymond Day, Clerk .....	7.50 pd.
A. A. Watts, Body of Raymond Day, Mileage .....	7.50 pd.
Dr. Geo. F. Bicknell, Body of Raymond Day, Witness .....	7.50 pd.
A. A. Watts, Body of Edward Jergens .....	7.50 pd.
R. W. Marshall, Body of Edward Jergens, Constable .....	7.50 pd.
Anne M. Strand, Body of Edward Jergens, Clerk .....	7.50 pd.
A. A. Watts, Body of Edward Jergens, Mileage .....	7.50 pd.
Dr. Louise Randolph, Body of Edward Jergens, Witness .....	7.50 pd.
Ralph W. Wright, Body of Edward Jergens, Witness .....	7.50 pd.
Bruce F. Ernst, Body of Edward Jergens, Witness .....	7.50 pd.
Thomas Pratt, Body of Edward Jergens, Witness .....	7.50 pd.
A. A. Watts, Body of Walter Weideman .....	7.50 pd.
R. W. Marshall, Body of Walter Weideman, Constable .....	7.50 pd.
Anne M. Strand, Body of Walter Weideman, Clerk .....	7.50 pd.
A. A. Watts, Body of Walter Weideman, Mileage .....	7.50 pd.
Ernest Weideman, Body of Walter Weideman, Witness .....	7.50 pd.
Agnes A. Weideman, Body of Walter Weideman, Witness .....	7.50 pd.
Sheriff Drew Platt, Body of Walter Weideman, Witness .....	7.50 pd.
A. A. Watts, Body of Roy Benson .....	7.50 pd.
R. W. Marshall, Body of Roy Benson, Constable .....	7.50 pd.
Anne M. Strand, Body of Roy Benson, Clerk .....	7.50 pd.
A. A. Watts, Body of Roy Benson, Mileage .....	7.50 pd.
Dr. C. P. Carter, Body of Roy Benson, Post Mortem .....	25.00 pd.
Lu Monte Benson, Body of Roy Benson, Witness .....	7.50 pd.
Walter Steward, Body of Roy Benson, Witness .....	7.50 pd.
A. A. Watts, Body of Mary Sophie Gunderson .....	7.50 pd.
R. W. Marshall, Body of Mary Sophie Gunderson, Constable .....	7.50 pd.
Anne M. Strand, Body of Mary Sophie Gunderson, Clerk .....	7.50 pd.
A. A. Watts, Body of Mary Sophie Gunderson, Mileage .....	7.50 pd.
Dr. McGuire, Body of Mary Sophie Gunderson, Post Mortem .....	25.00 pd.
Alice Shaw, Body of Mary Sophie Gunderson, Witness .....	7.50 pd.
A. A. Watts, Body of Mike Godzik .....	7.50 pd.
R. W. Marshall, Body of Mike Godzik, Constable .....	7.50 pd.
Anne M. Strand, Body of Mike Godzik, Clerk .....	7.50 pd.
A. A. Watts, Body of Mike Godzik, Mileage .....	7.50 pd.
Dr. P. D. McGuire, Body of Mike Godzik, Witness .....	7.50 pd.
Officer Chaper, Body of Mike Godzik, Witness .....	7.50 pd.
Steve Godzik, Body of Mike Godzik, Witness .....	7.50 pd.
Sam Rodenko, Body of Mike Godzik, Witness .....	7.50 pd.
A. A. Watts, Body of John Wontorski .....	7.50 pd.
R. W. Marshall, Body of John Wontorski, Constable .....	10.00 pd.
Anne M. Strand, Body of John Wontorski, Clerk .....	10.00 pd.
A. A. Watts, Body of John Wontorski, Mileage .....	7.50 pd.
Dr. P. D. McGuire, Body of John Wontorski, Witness .....	7.50 pd.
Wasil Jakubko, Body of John Wontorski, Witness .....	7.50 pd.
Constantine Greenkowski, Body of John Wontorski, Witness .....	7.50 pd.
George Skufakiss, Body of John Wontorski, Witness .....	7.50 pd.
A. A. Watts, Body of James Passinetti .....	7.50 pd.
R. W. Marshall, Body of James Passinetti, Constable .....	7.50 pd.
Anne M. Strand, Body of James Passinetti, Clerk .....	7.50 pd.
A. A. Watts, Body of James Passinetti, Mileage .....	7.50 pd.
Dr. P. D. McGuire, Body of James Passinetti, Witness .....	7.50 pd.
A. A. Watts, Body of Eliasz Ksiazek .....	7.50 pd.
R. W. Marshall, Body of Eliasz Ksiazek, Constable .....	7.50 pd.
Anne M. Strand, Body of Eliasz Ksiazek, Clerk .....	7.50 pd.
A. A. Watts, Body of Eliasz Ksiazek, Mileage .....	7.50 pd.
Dr. P. D. McGuire, Body of Eliasz Ksiazek, Post Mortem .....	25.00 pd.
George Mrozinski, Body of Eliasz Ksiazek, Witness .....	7.50 pd.
A. A. Watts, Body of Charles Villann .....	7.50 pd.
R. W. Marshall, Body of Charles Villann, Constable .....	7.50 pd.
Anne M. Strand, Body of Charles Villann, Clerk .....	7.50 pd.
A. A. Watts, Body of Charles Villann, Mileage .....	7.50 pd.
Dr. P. D. McGuire, Body of Charles Villann, Witness .....	7.50 pd.
A. A. Watts, Body of Julius Stengel .....	7.50 pd.
R. W. Marshall, Body of Julius Stengel, Constable .....	7.50 pd.
Anne M. Strand, Body of Julius Stengel, Clerk .....	7.50 pd.
A. A. Watts, Body of Julius Stengel, Mileage .....	7.50 pd.
Dr. P. D. McGuire, Body of Julius Stengel, Post Mortem .....	25.00 pd.
Margaret Stengel, Body of Julius Stengel, Witness .....	7.50 pd.
A. A. Watts, Body of Edward Roberts .....	7.50 pd.
R. W. Marshall, Body of Edward Roberts, Constable .....	7.50 pd.
Anne M. Strand, Body of Edward Roberts, Clerk .....	7.50 pd.
A. A. Watts, Body of Edward Roberts, Mileage .....	7.50 pd.
Frank Yolinski, Body of Edward Roberts, Witness .....	7.50 pd.
Edward Bartlett, Body of Edward Roberts, Witness .....	7.50 pd.
A. A. Watts, Body of John Jones .....	7.50 pd.
R. W. Marshall, Body of John Jones, Constable .....	7.50 pd.
Anne M. Strand, Body of John Jones, Clerk .....	7.50 pd.
A. A. Watts, Body of John Jones, Mileage .....	7.50 pd.
Dr. P. D. McGuire, Body of John Jones, Witness .....	7.50 pd.
Chas. G. Todd, Body of John Jones, Witness .....	7.50 pd.
A. A. Watts, Body of Joseph Pilarcik .....	7.50 pd.
R. W. Marshall, Body of Joseph Pilarcik, Constable .....	7.50 pd.
Anne M. Strand, Body of Joseph Pilarcik, Clerk .....	7.50 pd.
A. A. Watts, Body of Joseph Pilarcik, Mileage .....	7.50 pd.
Dr. P. D. McGuire, Body of Joseph Pilarcik, Witness .....	7.50 pd.
Maria Pilarcik, Body of Joseph Pilarcik, Witness .....	7.50 pd.
A. A. Watts, Body of Ludwig Bernacki .....	7.50 pd.
R. W. Marshall, Body of Ludwig Bernacki, Constable .....	7.50 pd.
Anne M. Strand, Body of Ludwig Bernacki, Clerk .....	7.50 pd.
A. A. Watts, Body of Ludwig Bernacki, Mileage .....	7.50 pd.
Dr. P. D. McGuire, Body of Ludwig Bernacki, Witness .....	7.50 pd.
Ed. Kozlowski, Body of Ludwig Bernacki, Witness .....	7.50 pd.
Leo Kolesk, Body of Ludwig Bernacki, Witness .....	7.50 pd.
A. A. Watts, Body of Anna Marie Mitch .....	7.50 pd.
R. W. Marshall, Body of Anna Marie Mitch, Constable .....	7.50 pd.
Anne M. Strand, Body of Anna Marie Mitch, Clerk .....	7.50 pd.
Dr. Franklin Petry, Body of Anna Marie Mitch, Witness .....	7.50 pd.
WILLIAM E. WHITAKER,
Auditor Of Lake County, Indiana.
NOTICE TO NON-RESIDENT
State of Indiana, Lake County. In the Lake Superior Court, sitting at Gary, March Term, 1930. Alvin Stewart vs. Virginia Stewart. Cause No. 20442. Action to Divorce. Now comes the plaintiff by Fritz W. Alexander, his attorney and files his complaint herein, together with the affidavit of a competent person, that said defendant Virginia Stewart is not a resident of the State of Indiana, and that the last known residence of said defendant is 2213 Messemen Street, New Orleans, Louisiana. Said defendant is therefore hereby notified of the pendency of said action and that the same will stand for trial at the next term of said Court, and that unless she appears and answer or demur herein, at the calling of said cause, on the 19th day of May, 1930, the same being the 1st day of the next term of said Court to be begun and held in the Court House, Room No. 3, at Gary, in said County and State, on the 3rd Monday in May, A. D. 1930, said action will be heard and determined in her absence.
IN WITNESS WHEREOF, I hereunto set my hand and affixed the seal of said Court, at Gary, this 20th day of March, A. D. 1930.
ALVINA M. KILLIGREW, Clerk L. S. C.
By Iris M. Pattin, Deputy Clerk.
New Spring Styles
ARCH FORM
Queen Quality
Queen Quality Arch Form shoes are smart to look at—graceful and flattering. But you cannot appreciate the restful comfort these lovely shoes afford until you have tried them on. Moderately priced at $
$6.50 & $8.00
Gary Shoe Mart
1104 Broadway
Smith's Auto
Body Works
Fifth and Vermont Streets
Phone 2-3319
First Class
Body & Fender Work
Automobile Glass
Painting and Trimming
Frames and Axles Straightened
FIRST CLASS WORKMANSHIP
We Re-build Auto Bodies
Marcus
Cleaners
Suit Cleaned
and
Pressed
75c
Dresses (Plain)
Cleaned and Pressed
$1.00
30 West 7th Ave.
Phone 2-3213
We Call For and Deliver
